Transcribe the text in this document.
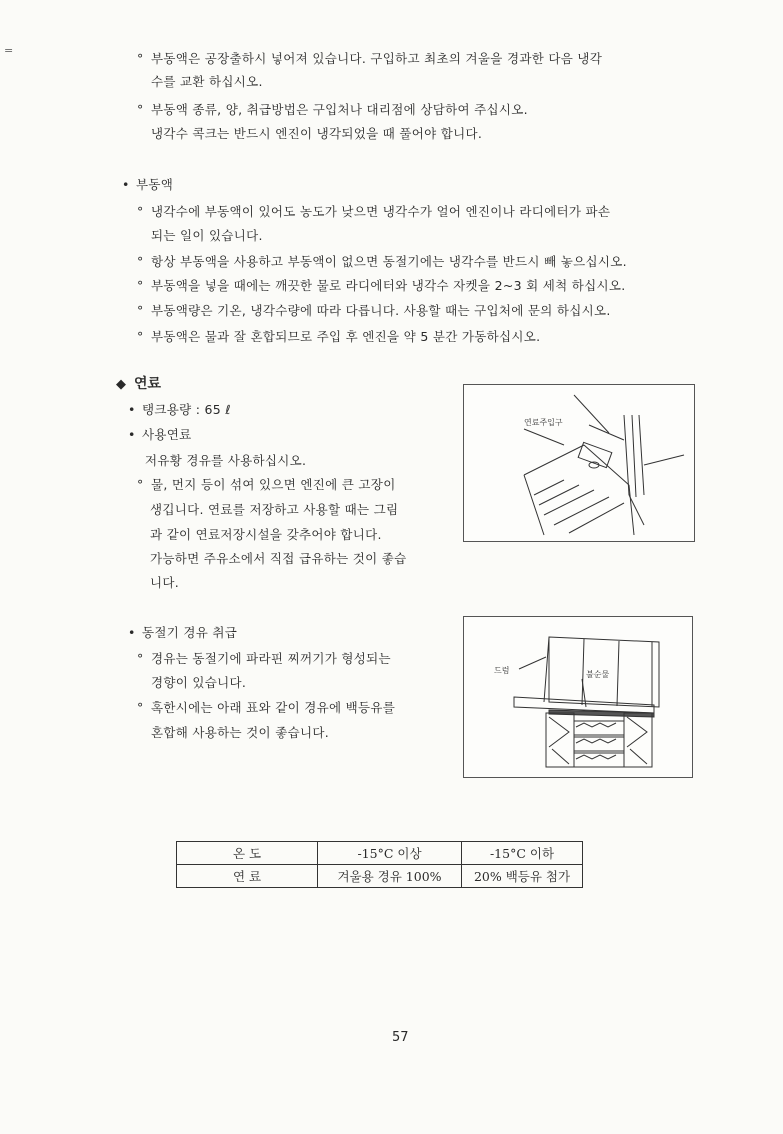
=
° 부동액은 공장출하시 넣어져 있습니다. 구입하고 최초의 겨울을 경과한 다음 냉각
수를 교환 하십시오.
° 부동액 종류, 양, 취급방법은 구입처나 대리점에 상담하여 주십시오.
냉각수 콕크는 반드시 엔진이 냉각되었을 때 풀어야 합니다.
• 부동액
° 냉각수에 부동액이 있어도 농도가 낮으면 냉각수가 얼어 엔진이나 라디에터가 파손
되는 일이 있습니다.
° 항상 부동액을 사용하고 부동액이 없으면 동절기에는 냉각수를 반드시 빼 놓으십시오.
° 부동액을 넣을 때에는 깨끗한 물로 라디에터와 냉각수 자켓을 2~3 회 세척 하십시오.
° 부동액량은 기온, 냉각수량에 따라 다릅니다. 사용할 때는 구입처에 문의 하십시오.
° 부동액은 물과 잘 혼합되므로 주입 후 엔진을 약 5 분간 가동하십시오.
◆ 연료
• 탱크용량 : 65 ℓ
• 사용연료
저유황 경유를 사용하십시오.
° 물, 먼지 등이 섞여 있으면 엔진에 큰 고장이
생깁니다. 연료를 저장하고 사용할 때는 그림
과 같이 연료저장시설을 갖추어야 합니다.
가능하면 주유소에서 직접 급유하는 것이 좋습
니다.
연료주입구
• 동절기 경유 취급
° 경유는 동절기에 파라핀 찌꺼기가 형성되는
경향이 있습니다.
° 혹한시에는 아래 표와 같이 경유에 백등유를
혼합해 사용하는 것이 좋습니다.
드럼	불순물
온 도	-15°C 이상	-15°C 이하
연 료	겨울용 경유 100%	20% 백등유 첨가
57
